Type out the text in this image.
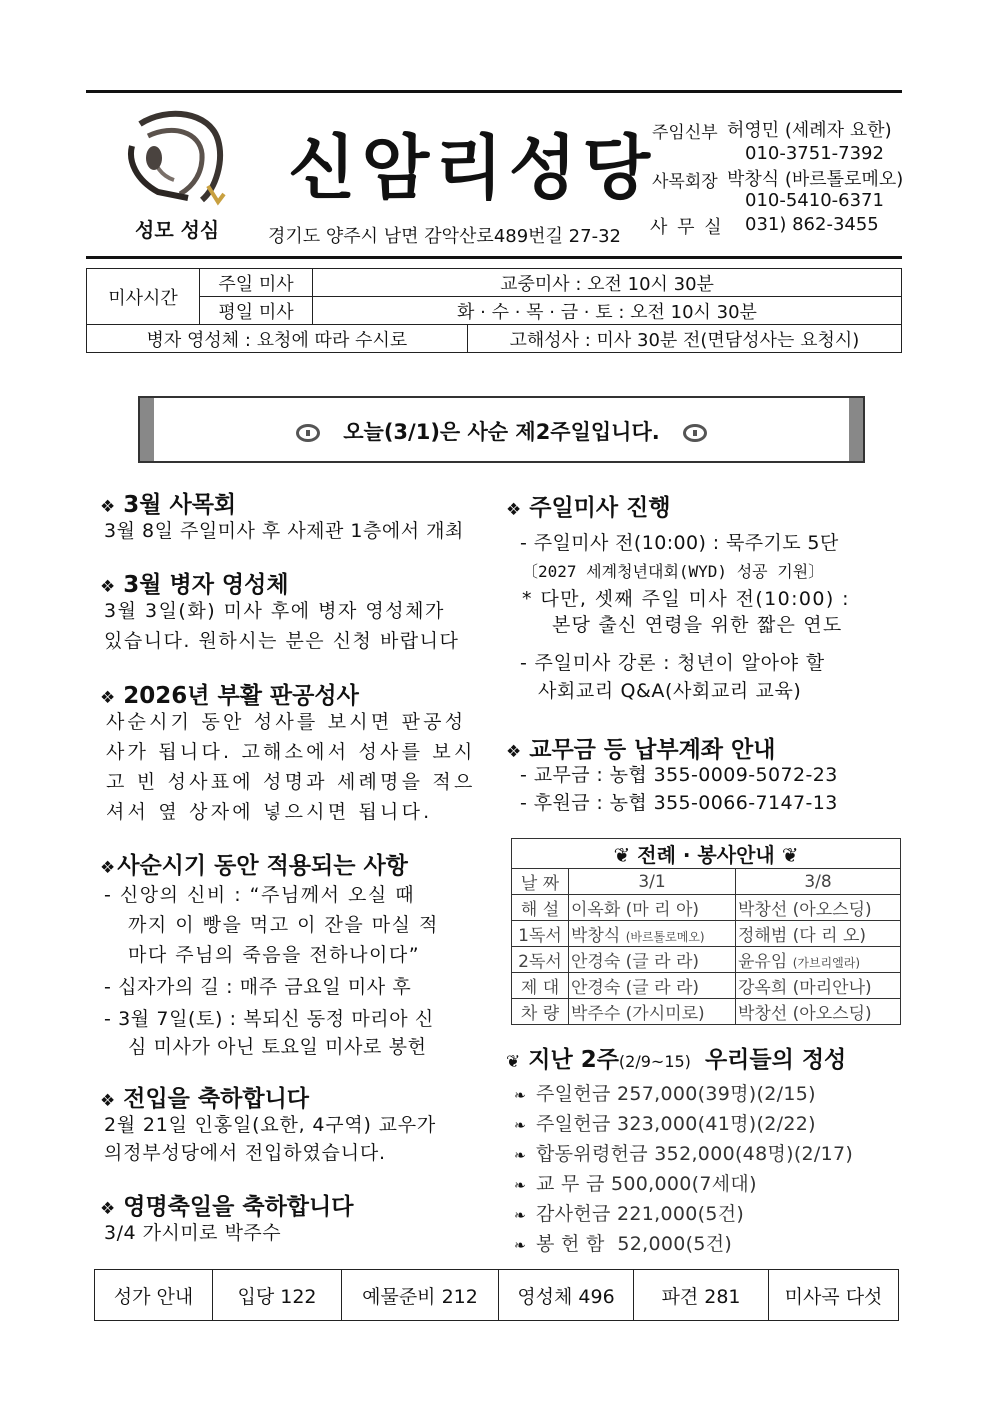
성모 성심
신암리성당
경기도 양주시 남면 감악산로489번길 27-32
주임신부 허영민 (세례자 요한)
010-3751-7392
사목회장 박창식 (바르톨로메오)
010-5410-6371
사 무 실 031) 862-3455
미사시간	주일 미사	교중미사 : 오전 10시 30분	
	평일 미사	화 · 수 · 목 · 금 · 토 : 오전 10시 30분	
병자 영성체 : 요청에 따라 수시로			고해성사 : 미사 30분 전(면담성사는 요청시)
오늘(3/1)은 사순 제2주일입니다.
❖ 3월 사목회
3월 8일 주일미사 후 사제관 1층에서 개최
❖ 3월 병자 영성체
3월 3일(화) 미사 후에 병자 영성체가
있습니다. 원하시는 분은 신청 바랍니다
❖ 2026년 부활 판공성사
사순시기 동안 성사를 보시면 판공성
사가 됩니다. 고해소에서 성사를 보시
고 빈 성사표에 성명과 세례명을 적으
셔서 옆 상자에 넣으시면 됩니다.
❖사순시기 동안 적용되는 사항
- 신앙의 신비 : “주님께서 오실 때
까지 이 빵을 먹고 이 잔을 마실 적
마다 주님의 죽음을 전하나이다”
- 십자가의 길 : 매주 금요일 미사 후
- 3월 7일(토) : 복되신 동정 마리아 신
심 미사가 아닌 토요일 미사로 봉헌
❖ 전입을 축하합니다
2월 21일 인홍일(요한, 4구역) 교우가
의정부성당에서 전입하였습니다.
❖ 영명축일을 축하합니다
3/4 가시미로 박주수
❖ 주일미사 진행
- 주일미사 전(10:00) : 묵주기도 5단
〔2027 세계청년대회(WYD) 성공 기원〕
* 다만, 셋째 주일 미사 전(10:00) :
본당 출신 연령을 위한 짧은 연도
- 주일미사 강론 : 청년이 알아야 할
사회교리 Q&A(사회교리 교육)
❖ 교무금 등 납부계좌 안내
- 교무금 : 농협 355-0009-5072-23
- 후원금 : 농협 355-0066-7147-13
❦ 전례 · 봉사안내 ❦		
날 짜	3/1	3/8
해 설	이옥화 (마 리 아)	박창선 (아오스딩)
1독서	박창식 (바르톨로메오)	정해범 (다 리 오)
2독서	안경숙 (글 라 라)	윤유임 (가브리엘라)
제 대	안경숙 (글 라 라)	강옥희 (마리안나)
차 량	박주수 (가시미로)	박창선 (아오스딩)
❦ 지난 2주(2/9~15) 우리들의 정성
❧ 주일헌금 257,000(39명)(2/15)
❧ 주일헌금 323,000(41명)(2/22)
❧ 합동위령헌금 352,000(48명)(2/17)
❧ 교 무 금 500,000(7세대)
❧ 감사헌금 221,000(5건)
❧ 봉 헌 함  52,000(5건)
성가 안내	입당 122	예물준비 212	영성체 496	파견 281	미사곡 다섯
